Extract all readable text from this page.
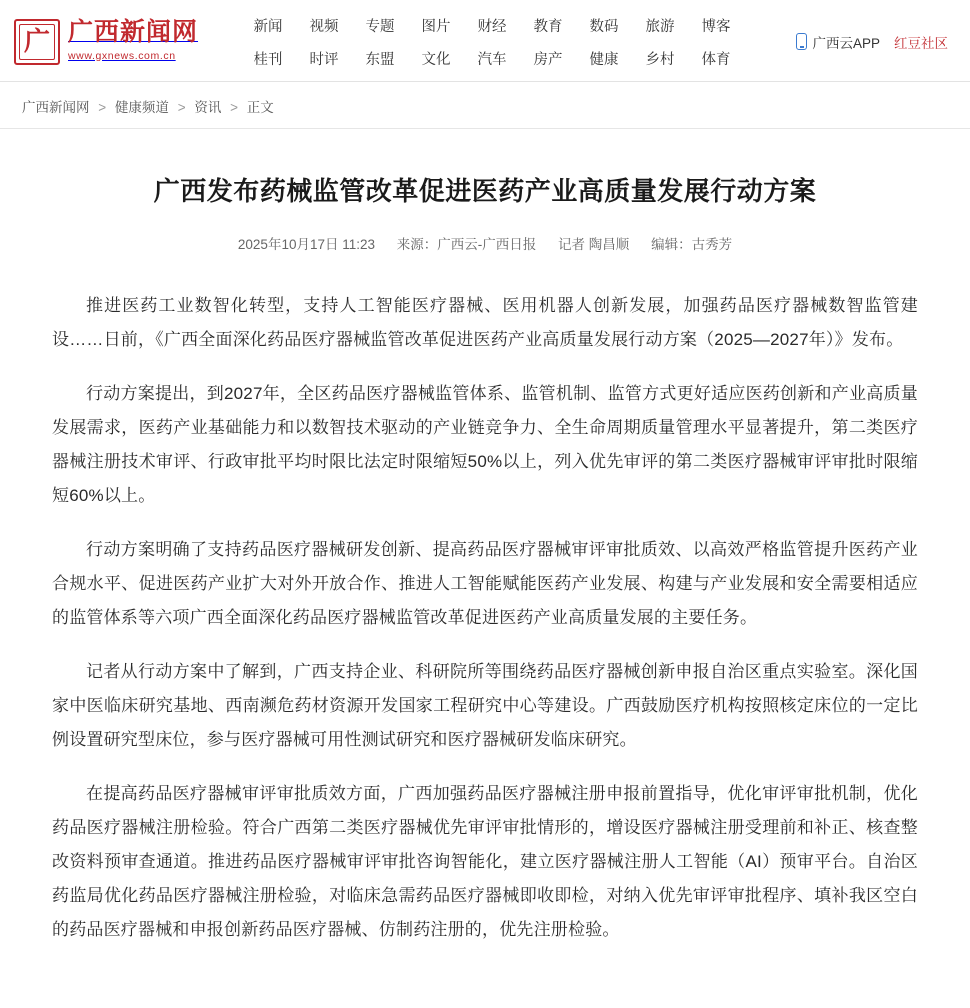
广 广西新闻网 www.gxnews.com.cn
新闻
桂刊
视频
时评
专题
东盟
图片
文化
财经
汽车
教育
房产
数码
健康
旅游
乡村
博客
体育
广西云APP 红豆社区
广西新闻网 > 健康频道 > 资讯 > 正文
广西发布药械监管改革促进医药产业高质量发展行动方案
2025年10月17日 11:23 来源：广西云-广西日报 记者 陶昌顺 编辑：古秀芳

推进医药工业数智化转型，支持人工智能医疗器械、医用机器人创新发展，加强药品医疗器械数智监管建设……日前，《广西全面深化药品医疗器械监管改革促进医药产业高质量发展行动方案（2025—2027年）》发布。

行动方案提出，到2027年，全区药品医疗器械监管体系、监管机制、监管方式更好适应医药创新和产业高质量发展需求，医药产业基础能力和以数智技术驱动的产业链竞争力、全生命周期质量管理水平显著提升，第二类医疗器械注册技术审评、行政审批平均时限比法定时限缩短50%以上，列入优先审评的第二类医疗器械审评审批时限缩短60%以上。

行动方案明确了支持药品医疗器械研发创新、提高药品医疗器械审评审批质效、以高效严格监管提升医药产业合规水平、促进医药产业扩大对外开放合作、推进人工智能赋能医药产业发展、构建与产业发展和安全需要相适应的监管体系等六项广西全面深化药品医疗器械监管改革促进医药产业高质量发展的主要任务。

记者从行动方案中了解到，广西支持企业、科研院所等围绕药品医疗器械创新申报自治区重点实验室。深化国家中医临床研究基地、西南濒危药材资源开发国家工程研究中心等建设。广西鼓励医疗机构按照核定床位的一定比例设置研究型床位，参与医疗器械可用性测试研究和医疗器械研发临床研究。

在提高药品医疗器械审评审批质效方面，广西加强药品医疗器械注册申报前置指导，优化审评审批机制，优化药品医疗器械注册检验。符合广西第二类医疗器械优先审评审批情形的，增设医疗器械注册受理前和补正、核查整改资料预审查通道。推进药品医疗器械审评审批咨询智能化，建立医疗器械注册人工智能（AI）预审平台。自治区药监局优化药品医疗器械注册检验，对临床急需药品医疗器械即收即检，对纳入优先审评审批程序、填补我区空白的药品医疗器械和申报创新药品医疗器械、仿制药注册的，优先注册检验。
